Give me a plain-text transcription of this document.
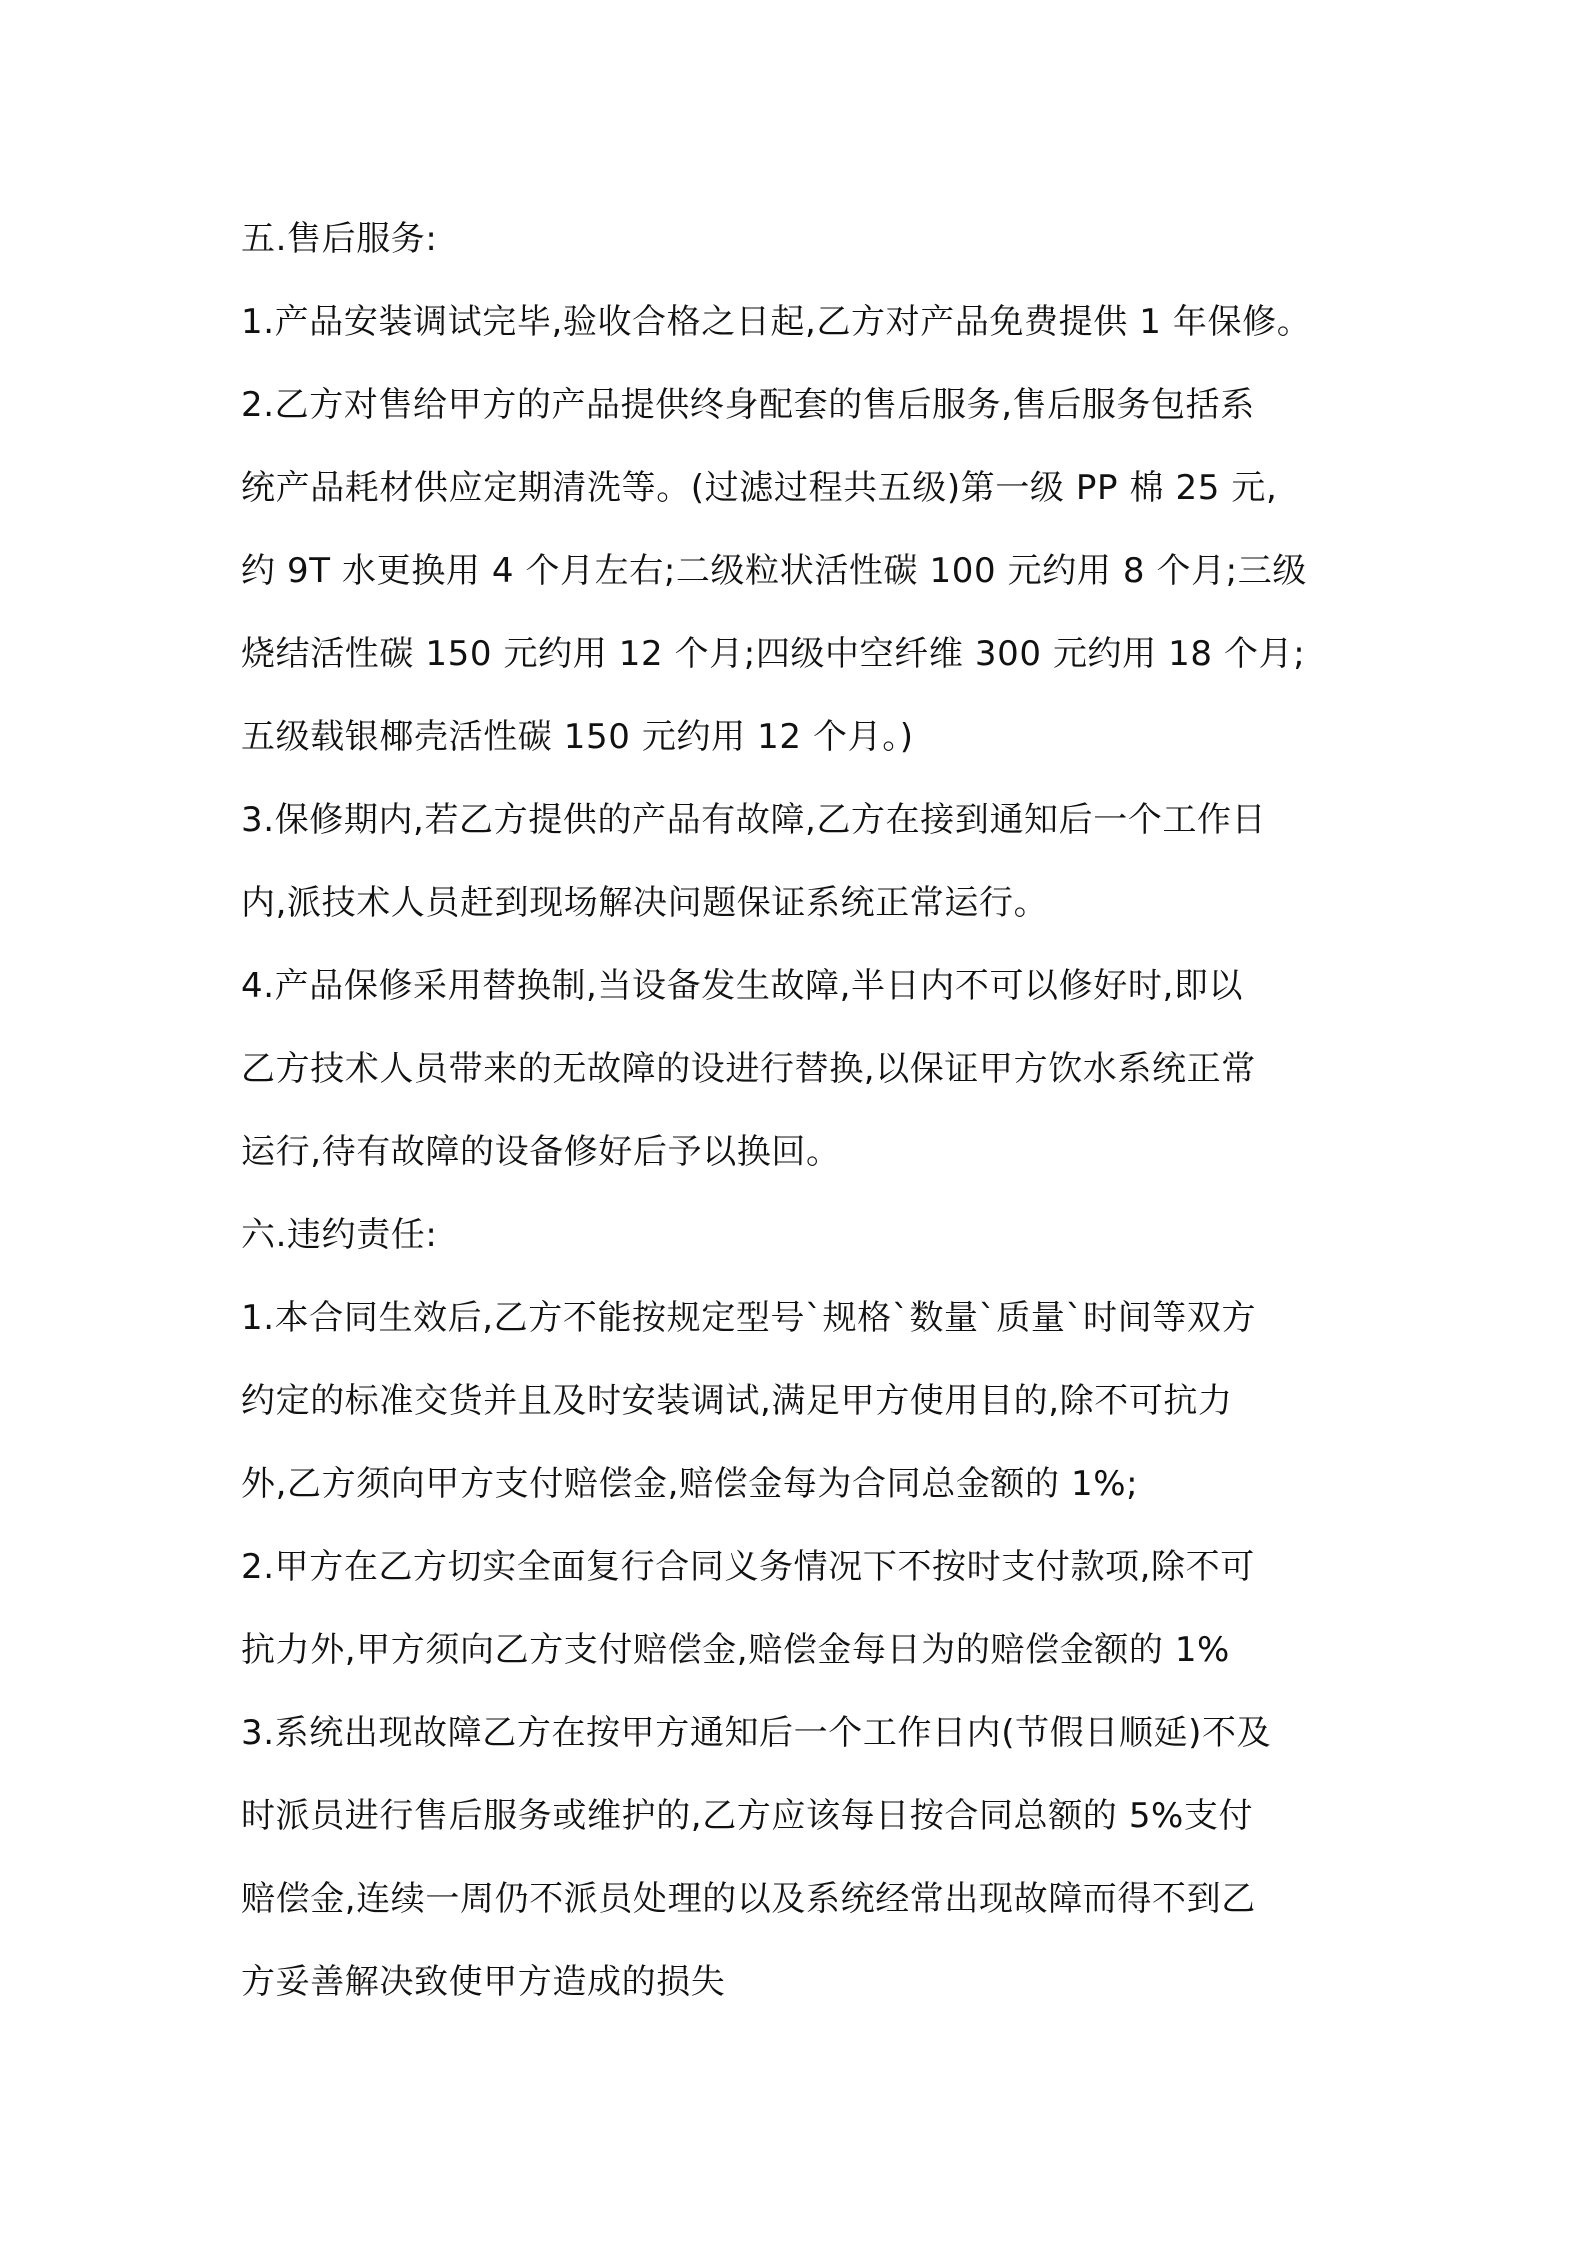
五.售后服务:
1.产品安装调试完毕,验收合格之日起,乙方对产品免费提供 1 年保修。
2.乙方对售给甲方的产品提供终身配套的售后服务,售后服务包括系
统产品耗材供应定期清洗等。(过滤过程共五级)第一级 PP 棉 25 元,
约 9T 水更换用 4 个月左右;二级粒状活性碳 100 元约用 8 个月;三级
烧结活性碳 150 元约用 12 个月;四级中空纤维 300 元约用 18 个月;
五级载银椰壳活性碳 150 元约用 12 个月。)
3.保修期内,若乙方提供的产品有故障,乙方在接到通知后一个工作日
内,派技术人员赶到现场解决问题保证系统正常运行。
4.产品保修采用替换制,当设备发生故障,半日内不可以修好时,即以
乙方技术人员带来的无故障的设进行替换,以保证甲方饮水系统正常
运行,待有故障的设备修好后予以换回。
六.违约责任:
1.本合同生效后,乙方不能按规定型号`规格`数量`质量`时间等双方
约定的标准交货并且及时安装调试,满足甲方使用目的,除不可抗力
外,乙方须向甲方支付赔偿金,赔偿金每为合同总金额的 1%;
2.甲方在乙方切实全面复行合同义务情况下不按时支付款项,除不可
抗力外,甲方须向乙方支付赔偿金,赔偿金每日为的赔偿金额的 1%
3.系统出现故障乙方在按甲方通知后一个工作日内(节假日顺延)不及
时派员进行售后服务或维护的,乙方应该每日按合同总额的 5%支付
赔偿金,连续一周仍不派员处理的以及系统经常出现故障而得不到乙
方妥善解决致使甲方造成的损失
